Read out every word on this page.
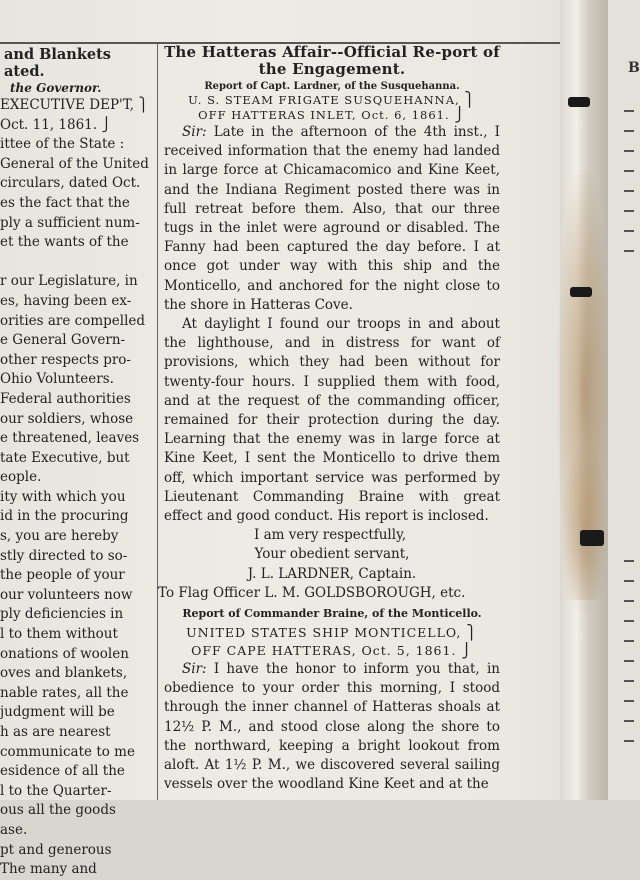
B
and Blankets
ated.
the Governor.
EXECUTIVE DEP'T, ⎫
Oct. 11, 1861. ⎭
ittee of the State :
General of the United
circulars, dated Oct.
es the fact that the
ply a sufficient num-
et the wants of the
r our Legislature, in
es, having been ex-
orities are compelled
e General Govern-
other respects pro-
Ohio Volunteers.
Federal authorities
our soldiers, whose
e threatened, leaves
tate Executive, but
eople.
ity with which you
id in the procuring
s, you are hereby
stly directed to so-
the people of your
our volunteers now
ply deficiencies in
l to them without
onations of woolen
oves and blankets,
nable rates, all the
judgment will be
h as are nearest
communicate to me
esidence of all the
l to the Quarter-
ous all the goods
ase.
pt and generous
The many and
The Hatteras Affair--Official Re-port of the Engagement.
Report of Capt. Lardner, of the Susquehanna.
U. S. STEAM FRIGATE SUSQUEHANNA, ⎫
OFF HATTERAS INLET, Oct. 6, 1861. ⎭

Sir: Late in the afternoon of the 4th inst., I received information that the enemy had landed in large force at Chicamacomico and Kine Keet, and the Indiana Regiment posted there was in full retreat before them. Also, that our three tugs in the inlet were aground or disabled. The Fanny had been captured the day before. I at once got under way with this ship and the Monticello, and anchored for the night close to the shore in Hatteras Cove.

At daylight I found our troops in and about the lighthouse, and in distress for want of provisions, which they had been without for twenty-four hours. I supplied them with food, and at the request of the commanding officer, remained for their protection during the day. Learning that the enemy was in large force at Kine Keet, I sent the Monticello to drive them off, which important service was performed by Lieutenant Commanding Braine with great effect and good conduct. His report is inclosed.

I am very respectfully,

Your obedient servant,
J. L. LARDNER, Captain.
To Flag Officer L. M. GOLDSBOROUGH, etc.
Report of Commander Braine, of the Monticello.
UNITED STATES SHIP MONTICELLO, ⎫
OFF CAPE HATTERAS, Oct. 5, 1861. ⎭

Sir: I have the honor to inform you that, in obedience to your order this morning, I stood through the inner channel of Hatteras shoals at 12½ P. M., and stood close along the shore to the northward, keeping a bright lookout from aloft. At 1½ P. M., we discovered several sailing vessels over the woodland Kine Keet and at the
